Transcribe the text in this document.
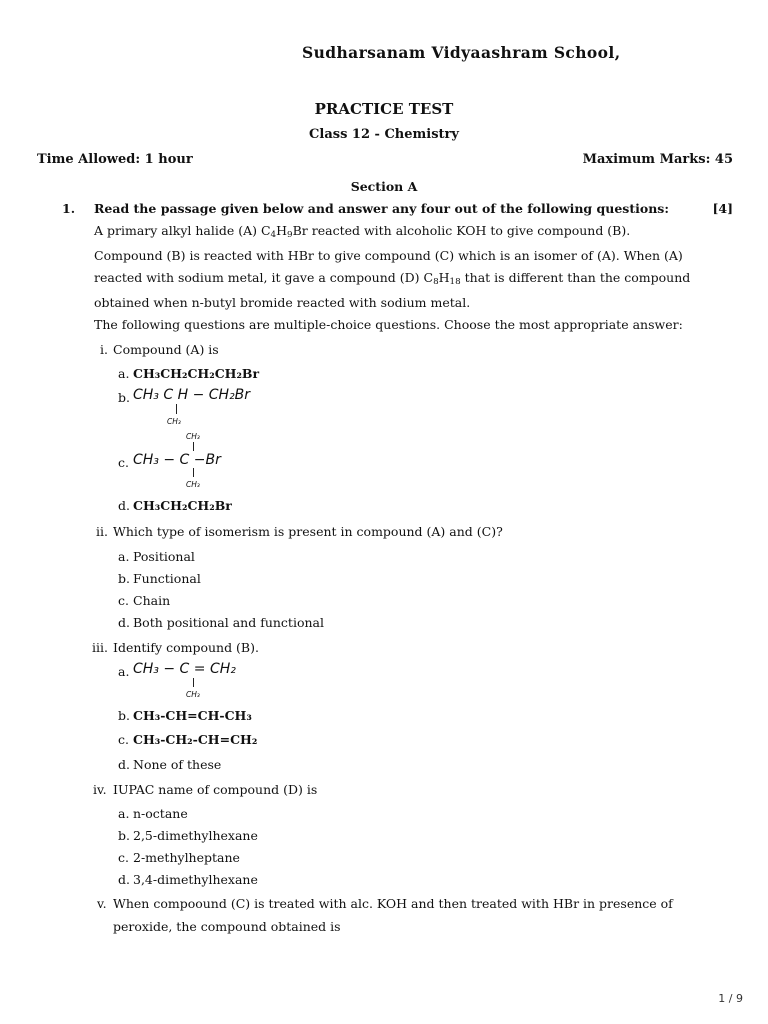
Sudharsanam Vidyaashram School,
PRACTICE TEST
Class 12 - Chemistry
Time Allowed: 1 hour	Maximum Marks: 45
Section A
1. Read the passage given below and answer any four out of the following questions:	[4]
A primary alkyl halide (A) $C_4H_9Br$ reacted with alcoholic KOH to give compound (B).
Compound (B) is reacted with HBr to give compound (C) which is an isomer of (A). When (A)
reacted with sodium metal, it gave a compound (D) $C_8H_{18}$ that is different than the compound
obtained when n-butyl bromide reacted with sodium metal.
The following questions are multiple-choice questions. Choose the most appropriate answer:
i. Compound (A) is
a. CH₃CH₂CH₂CH₂Br
b. CH₃ C H − CH₂Br
CH₃
CH₃
c. CH₃ − C −Br
CH₃
d. CH₃CH₂CH₂Br
ii. Which type of isomerism is present in compound (A) and (C)?
a. Positional
b. Functional
c. Chain
d. Both positional and functional
iii. Identify compound (B).
a. CH₃ − C = CH₂
CH₃
b. CH₃-CH=CH-CH₃
c. CH₃-CH₂-CH=CH₂
d. None of these
iv. IUPAC name of compound (D) is
a. n-octane
b. 2,5-dimethylhexane
c. 2-methylheptane
d. 3,4-dimethylhexane
v. When compoound (C) is treated with alc. KOH and then treated with HBr in presence of
peroxide, the compound obtained is
1 / 9
